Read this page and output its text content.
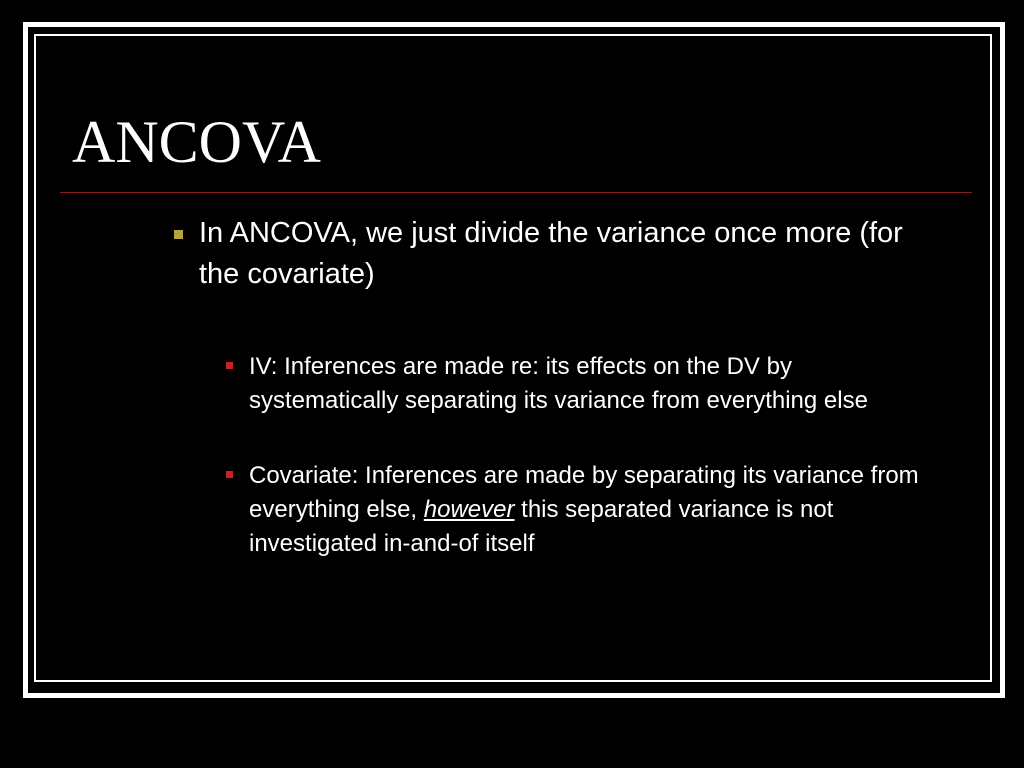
ANCOVA
In ANCOVA, we just divide the variance once more (for the covariate)
IV: Inferences are made re: its effects on the DV by systematically separating its variance from everything else
Covariate: Inferences are made by separating its variance from everything else, however this separated variance is not investigated in-and-of itself
